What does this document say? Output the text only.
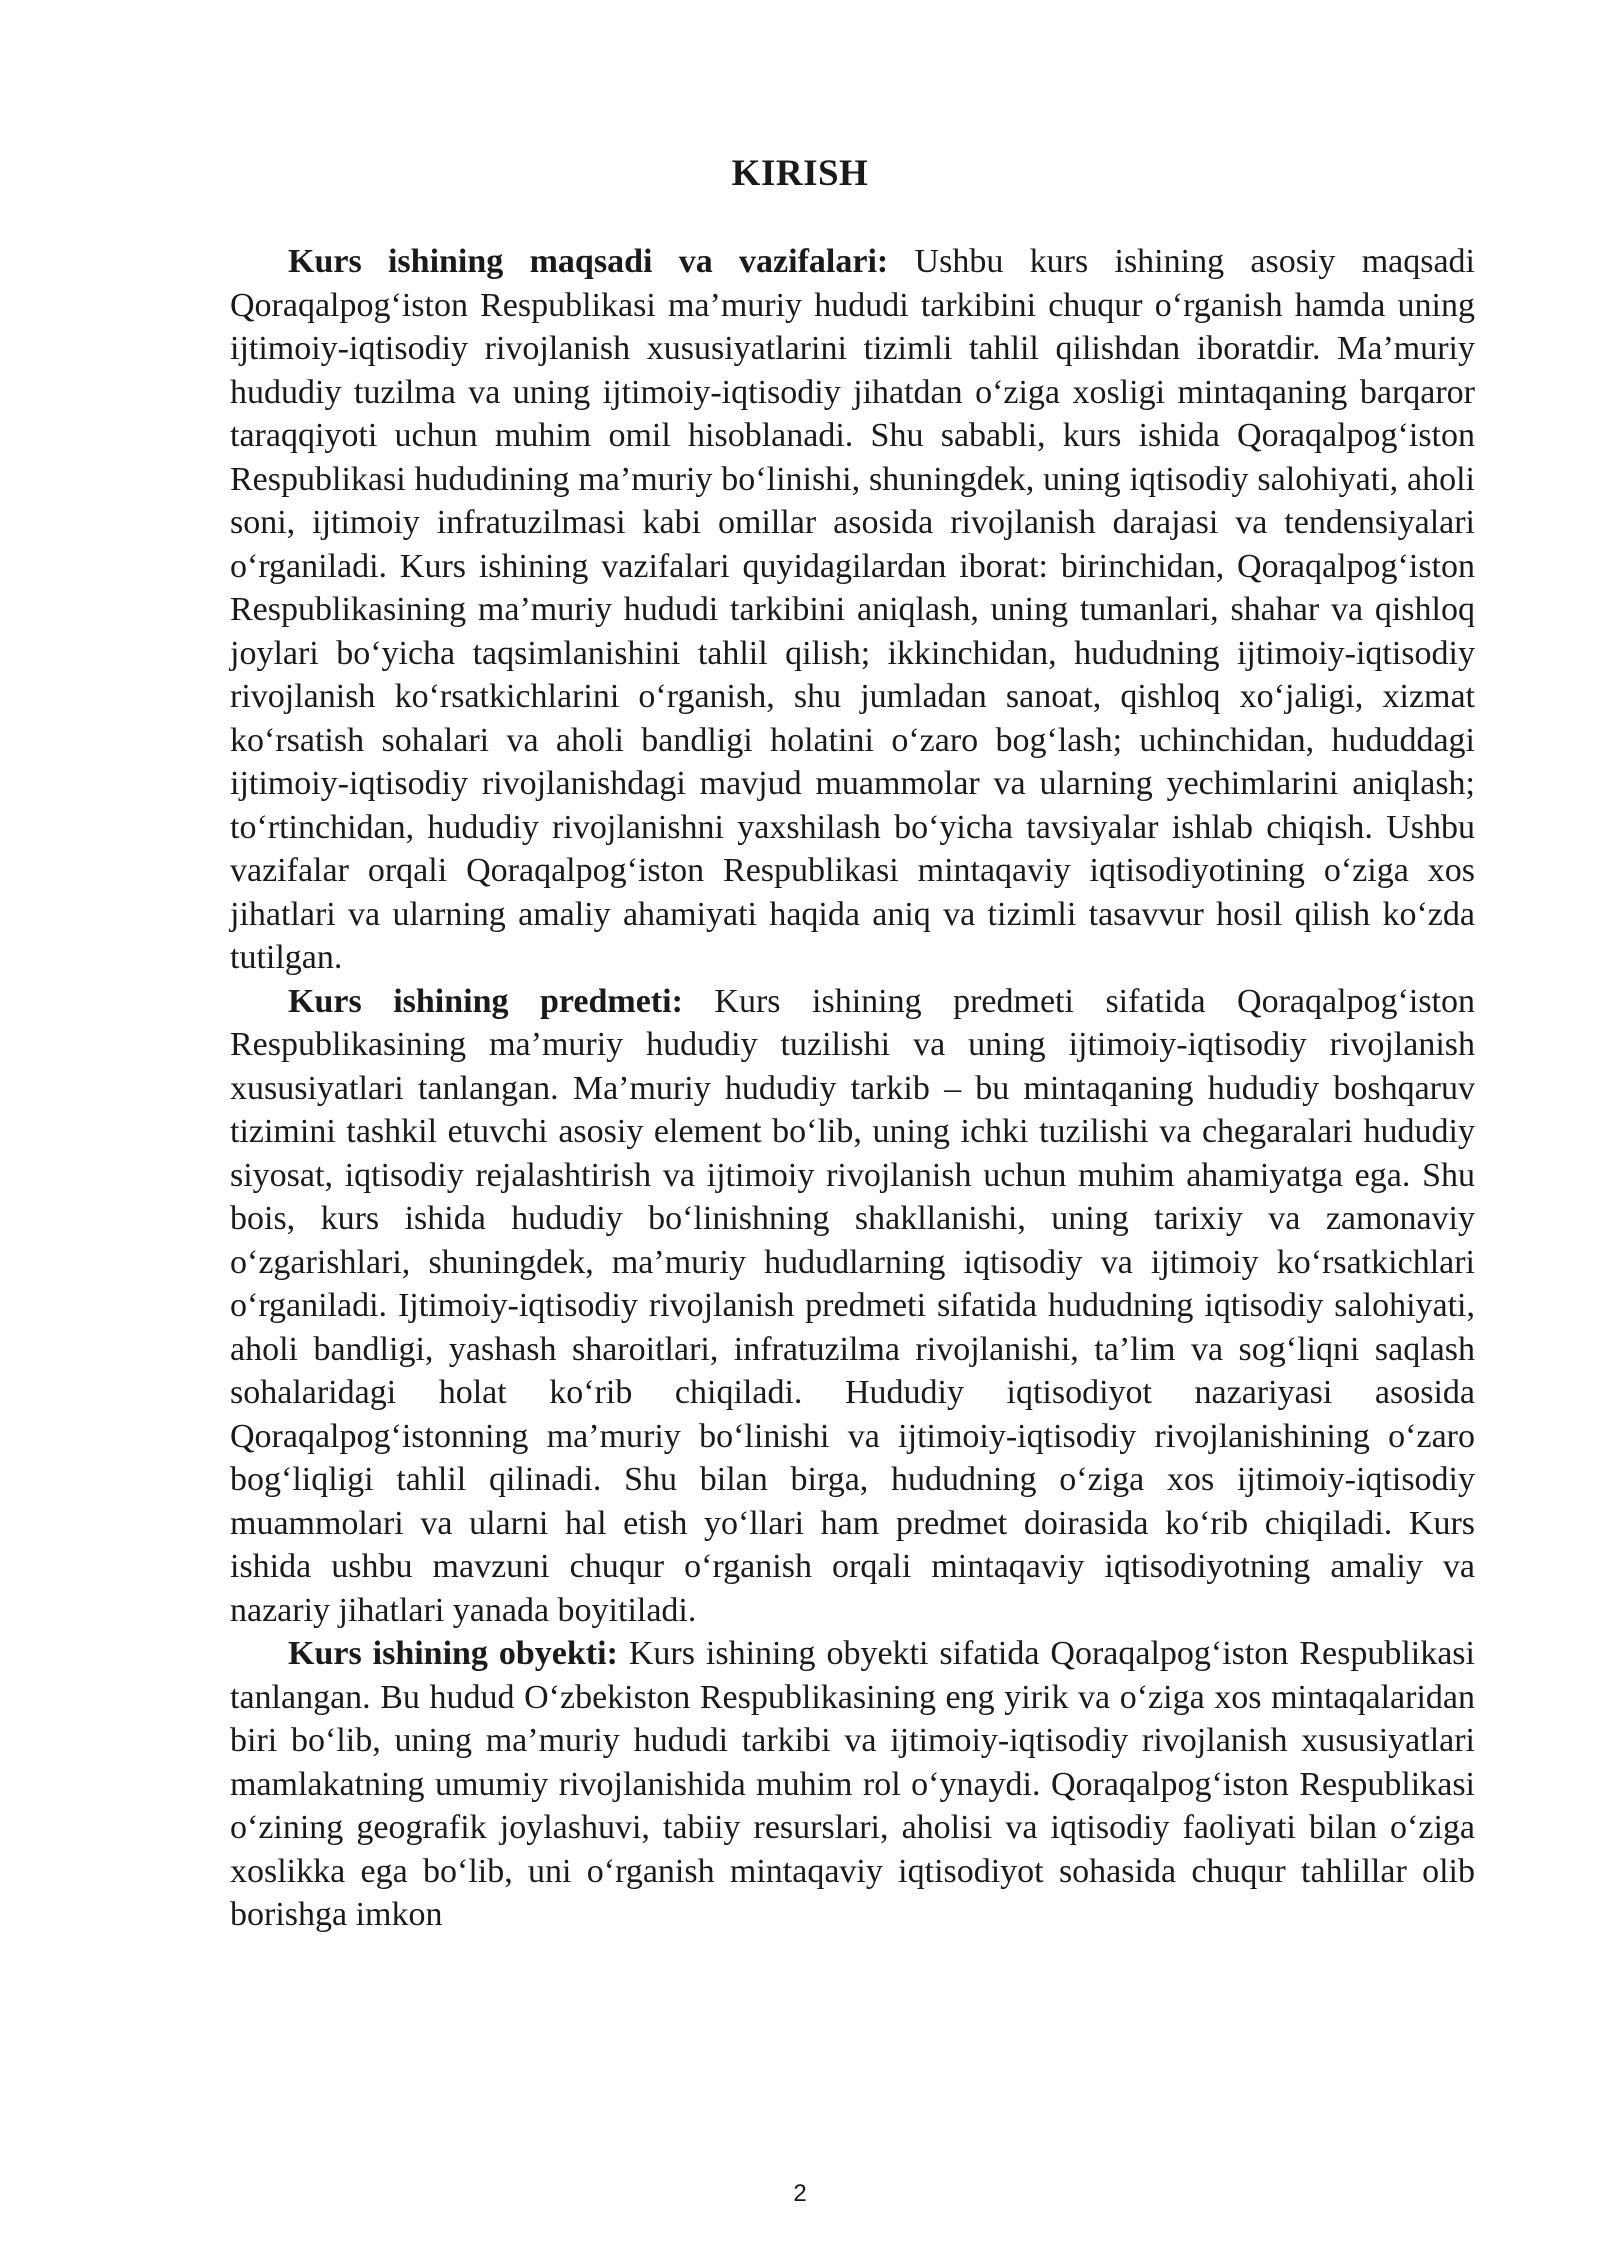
KIRISH

Kurs ishining maqsadi va vazifalari: Ushbu kurs ishining asosiy maqsadi Qoraqalpog‘iston Respublikasi ma’muriy hududi tarkibini chuqur o‘rganish hamda uning ijtimoiy-iqtisodiy rivojlanish xususiyatlarini tizimli tahlil qilishdan iboratdir. Ma’muriy hududiy tuzilma va uning ijtimoiy-iqtisodiy jihatdan o‘ziga xosligi mintaqaning barqaror taraqqiyoti uchun muhim omil hisoblanadi. Shu sababli, kurs ishida Qoraqalpog‘iston Respublikasi hududining ma’muriy bo‘linishi, shuningdek, uning iqtisodiy salohiyati, aholi soni, ijtimoiy infratuzilmasi kabi omillar asosida rivojlanish darajasi va tendensiyalari o‘rganiladi. Kurs ishining vazifalari quyidagilardan iborat: birinchidan, Qoraqalpog‘iston Respublikasining ma’muriy hududi tarkibini aniqlash, uning tumanlari, shahar va qishloq joylari bo‘yicha taqsimlanishini tahlil qilish; ikkinchidan, hududning ijtimoiy-iqtisodiy rivojlanish ko‘rsatkichlarini o‘rganish, shu jumladan sanoat, qishloq xo‘jaligi, xizmat ko‘rsatish sohalari va aholi bandligi holatini o‘zaro bog‘lash; uchinchidan, hududdagi ijtimoiy-iqtisodiy rivojlanishdagi mavjud muammolar va ularning yechimlarini aniqlash; to‘rtinchidan, hududiy rivojlanishni yaxshilash bo‘yicha tavsiyalar ishlab chiqish. Ushbu vazifalar orqali Qoraqalpog‘iston Respublikasi mintaqaviy iqtisodiyotining o‘ziga xos jihatlari va ularning amaliy ahamiyati haqida aniq va tizimli tasavvur hosil qilish ko‘zda tutilgan.

Kurs ishining predmeti: Kurs ishining predmeti sifatida Qoraqalpog‘iston Respublikasining ma’muriy hududiy tuzilishi va uning ijtimoiy-iqtisodiy rivojlanish xususiyatlari tanlangan. Ma’muriy hududiy tarkib – bu mintaqaning hududiy boshqaruv tizimini tashkil etuvchi asosiy element bo‘lib, uning ichki tuzilishi va chegaralari hududiy siyosat, iqtisodiy rejalashtirish va ijtimoiy rivojlanish uchun muhim ahamiyatga ega. Shu bois, kurs ishida hududiy bo‘linishning shakllanishi, uning tarixiy va zamonaviy o‘zgarishlari, shuningdek, ma’muriy hududlarning iqtisodiy va ijtimoiy ko‘rsatkichlari o‘rganiladi. Ijtimoiy-iqtisodiy rivojlanish predmeti sifatida hududning iqtisodiy salohiyati, aholi bandligi, yashash sharoitlari, infratuzilma rivojlanishi, ta’lim va sog‘liqni saqlash sohalaridagi holat ko‘rib chiqiladi. Hududiy iqtisodiyot nazariyasi asosida Qoraqalpog‘istonning ma’muriy bo‘linishi va ijtimoiy-iqtisodiy rivojlanishining o‘zaro bog‘liqligi tahlil qilinadi. Shu bilan birga, hududning o‘ziga xos ijtimoiy-iqtisodiy muammolari va ularni hal etish yo‘llari ham predmet doirasida ko‘rib chiqiladi. Kurs ishida ushbu mavzuni chuqur o‘rganish orqali mintaqaviy iqtisodiyotning amaliy va nazariy jihatlari yanada boyitiladi.

Kurs ishining obyekti: Kurs ishining obyekti sifatida Qoraqalpog‘iston Respublikasi tanlangan. Bu hudud O‘zbekiston Respublikasining eng yirik va o‘ziga xos mintaqalaridan biri bo‘lib, uning ma’muriy hududi tarkibi va ijtimoiy-iqtisodiy rivojlanish xususiyatlari mamlakatning umumiy rivojlanishida muhim rol o‘ynaydi. Qoraqalpog‘iston Respublikasi o‘zining geografik joylashuvi, tabiiy resurslari, aholisi va iqtisodiy faoliyati bilan o‘ziga xoslikka ega bo‘lib, uni o‘rganish mintaqaviy iqtisodiyot sohasida chuqur tahlillar olib borishga imkon

2
